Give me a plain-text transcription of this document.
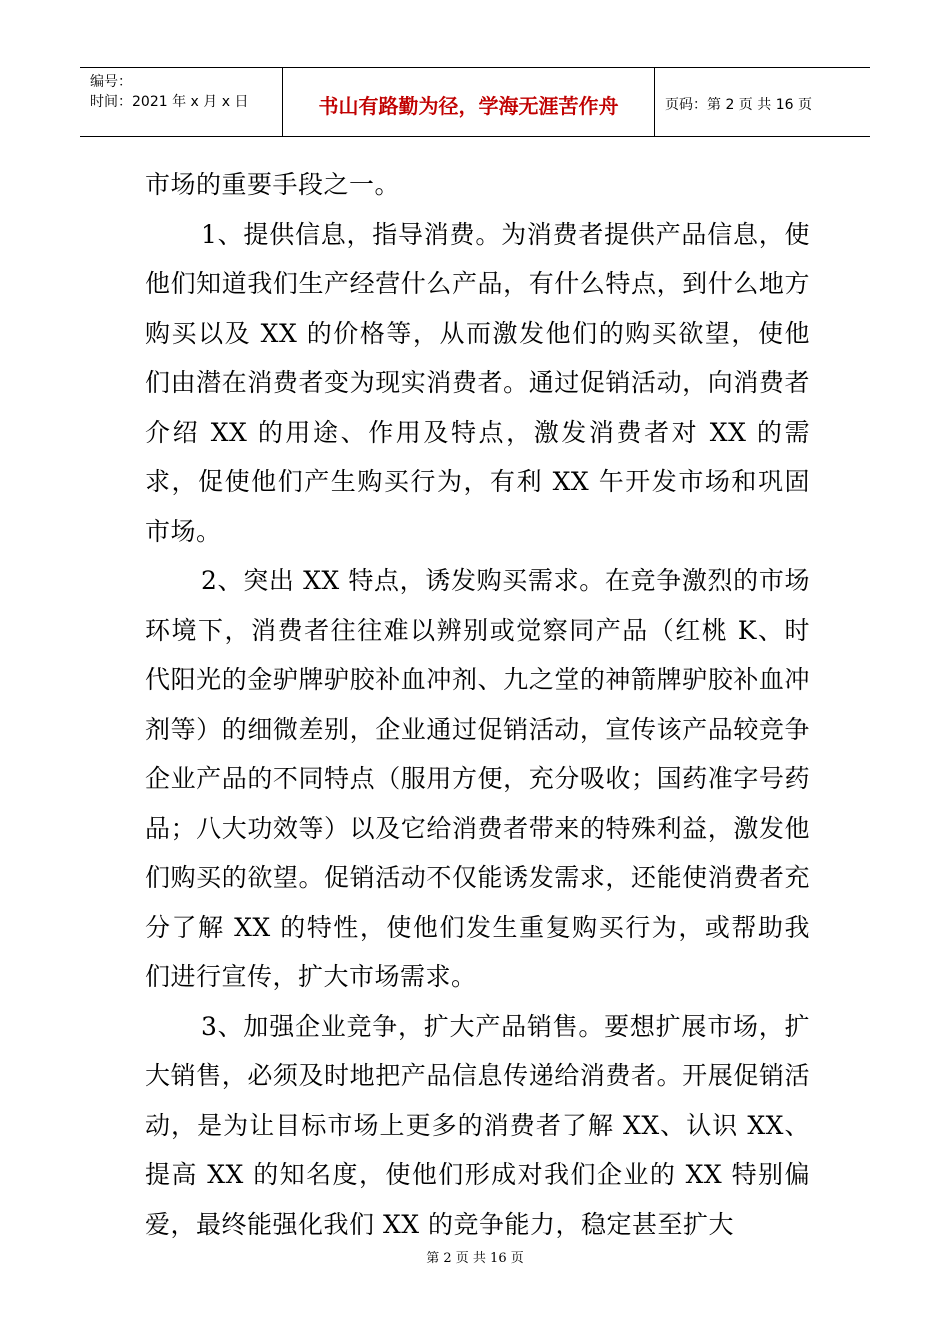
编号：
时间：2021 年 x 月 x 日	书山有路勤为径，学海无涯苦作舟	页码：第 2 页 共 16 页

市场的重要手段之一。

1、提供信息，指导消费。为消费者提供产品信息，使他们知道我们生产经营什么产品，有什么特点，到什么地方购买以及 XX 的价格等，从而激发他们的购买欲望，使他们由潜在消费者变为现实消费者。通过促销活动，向消费者介绍 XX 的用途、作用及特点，激发消费者对 XX 的需求，促使他们产生购买行为，有利 XX 午开发市场和巩固市场。

2、突出 XX 特点，诱发购买需求。在竞争激烈的市场环境下，消费者往往难以辨别或觉察同产品（红桃 K、时代阳光的金驴牌驴胶补血冲剂、九之堂的神箭牌驴胶补血冲剂等）的细微差别，企业通过促销活动，宣传该产品较竞争企业产品的不同特点（服用方便，充分吸收；国药准字号药品；八大功效等）以及它给消费者带来的特殊利益，激发他们购买的欲望。促销活动不仅能诱发需求，还能使消费者充分了解 XX 的特性，使他们发生重复购买行为，或帮助我们进行宣传，扩大市场需求。

3、加强企业竞争，扩大产品销售。要想扩展市场，扩大销售，必须及时地把产品信息传递给消费者。开展促销活动，是为让目标市场上更多的消费者了解 XX、认识 XX、提高 XX 的知名度，使他们形成对我们企业的 XX 特别偏爱，最终能强化我们 XX 的竞争能力，稳定甚至扩大

第 2 页 共 16 页
